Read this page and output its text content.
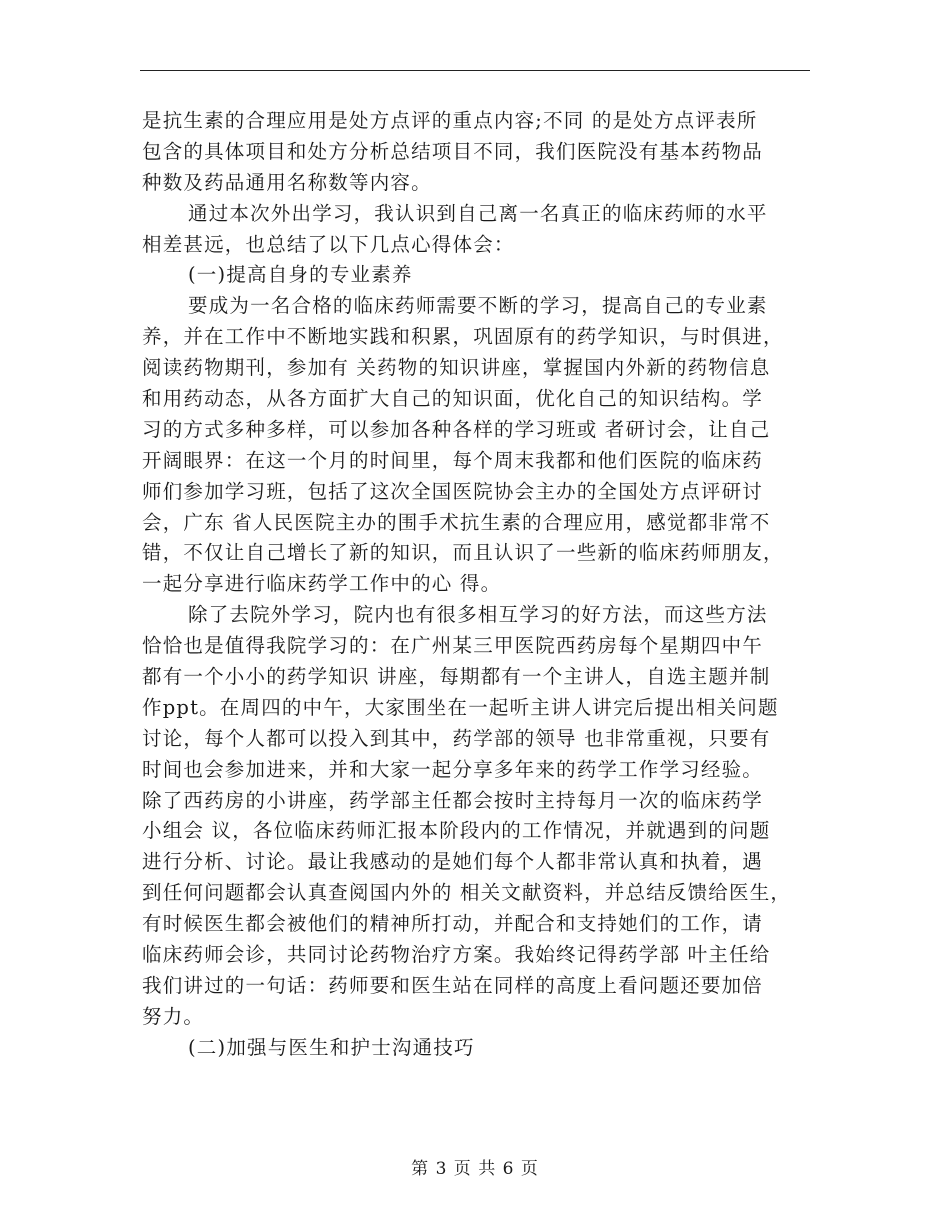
是抗生素的合理应用是处方点评的重点内容;不同 的是处方点评表所
包含的具体项目和处方分析总结项目不同，我们医院没有基本药物品
种数及药品通用名称数等内容。
通过本次外出学习，我认识到自己离一名真正的临床药师的水平
相差甚远，也总结了以下几点心得体会：
(一)提高自身的专业素养
要成为一名合格的临床药师需要不断的学习，提高自己的专业素
养，并在工作中不断地实践和积累，巩固原有的药学知识，与时俱进，
阅读药物期刊，参加有 关药物的知识讲座，掌握国内外新的药物信息
和用药动态，从各方面扩大自己的知识面，优化自己的知识结构。学
习的方式多种多样，可以参加各种各样的学习班或 者研讨会，让自己
开阔眼界：在这一个月的时间里，每个周末我都和他们医院的临床药
师们参加学习班，包括了这次全国医院协会主办的全国处方点评研讨
会，广东 省人民医院主办的围手术抗生素的合理应用，感觉都非常不
错，不仅让自己增长了新的知识，而且认识了一些新的临床药师朋友，
一起分享进行临床药学工作中的心 得。
除了去院外学习，院内也有很多相互学习的好方法，而这些方法
恰恰也是值得我院学习的：在广州某三甲医院西药房每个星期四中午
都有一个小小的药学知识 讲座，每期都有一个主讲人，自选主题并制
作ppt。在周四的中午，大家围坐在一起听主讲人讲完后提出相关问题
讨论，每个人都可以投入到其中，药学部的领导 也非常重视，只要有
时间也会参加进来，并和大家一起分享多年来的药学工作学习经验。
除了西药房的小讲座，药学部主任都会按时主持每月一次的临床药学
小组会 议，各位临床药师汇报本阶段内的工作情况，并就遇到的问题
进行分析、讨论。最让我感动的是她们每个人都非常认真和执着，遇
到任何问题都会认真查阅国内外的 相关文献资料，并总结反馈给医生，
有时候医生都会被他们的精神所打动，并配合和支持她们的工作，请
临床药师会诊，共同讨论药物治疗方案。我始终记得药学部 叶主任给
我们讲过的一句话：药师要和医生站在同样的高度上看问题还要加倍
努力。
(二)加强与医生和护士沟通技巧
第 3 页 共 6 页
